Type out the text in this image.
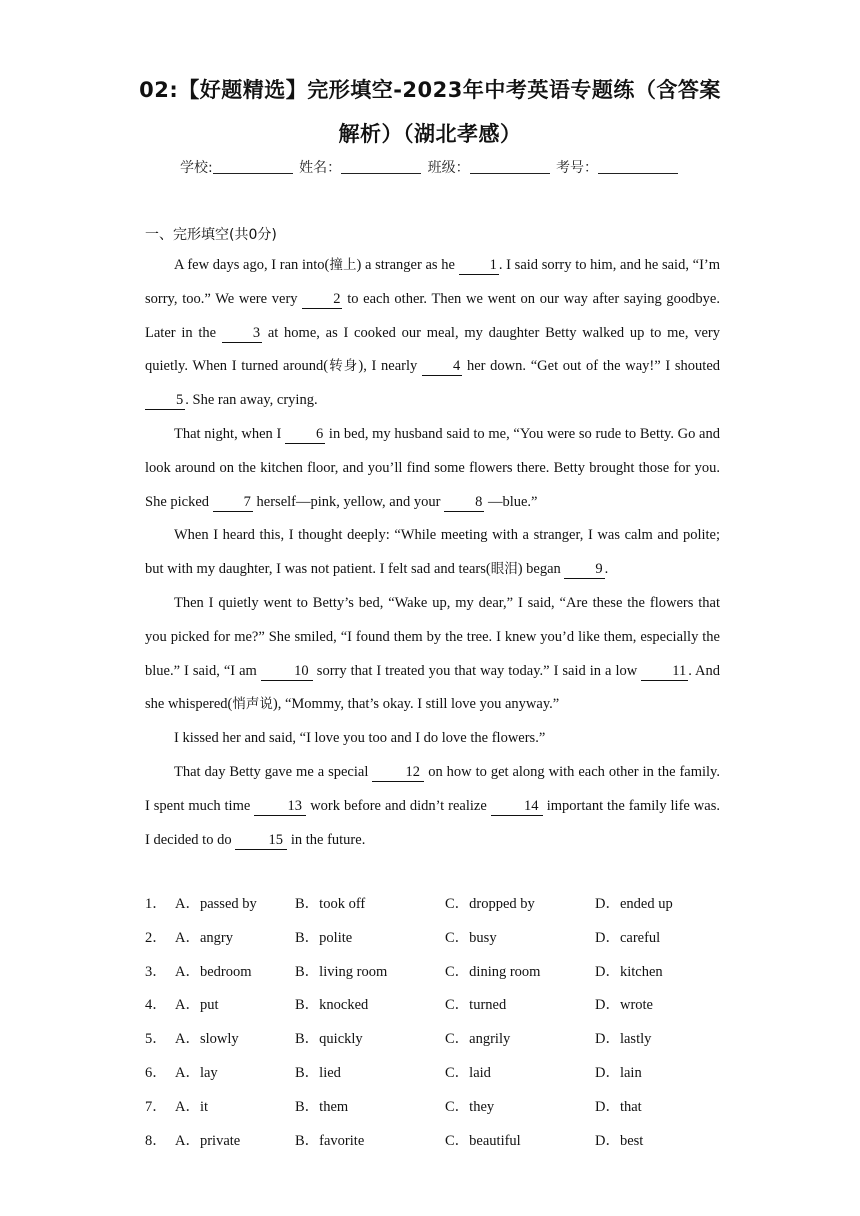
02:【好题精选】完形填空-2023年中考英语专题练（含答案
解析）（湖北孝感）
学校:	姓名：	班级：	考号：
一、完形填空(共0分)

A few days ago, I ran into(撞上) a stranger as he 1 . I said sorry to him, and he said, “I’m sorry, too.” We were very 2 to each other. Then we went on our way after saying goodbye. Later in the 3 at home, as I cooked our meal, my daughter Betty walked up to me, very quietly. When I turned around(转身), I nearly 4 her down. “Get out of the way!” I shouted 5 . She ran away, crying.

That night, when I 6 in bed, my husband said to me, “You were so rude to Betty. Go and look around on the kitchen floor, and you’ll find some flowers there. Betty brought those for you. She picked 7 herself—pink, yellow, and your 8 —blue.”

When I heard this, I thought deeply: “While meeting with a stranger, I was calm and polite; but with my daughter, I was not patient. I felt sad and tears(眼泪) began 9 .

Then I quietly went to Betty’s bed, “Wake up, my dear,” I said, “Are these the flowers that you picked for me?” She smiled, “I found them by the tree. I knew you’d like them, especially the blue.” I said, “I am 10 sorry that I treated you that way today.” I said in a low 11 . And she whispered(悄声说), “Mommy, that’s okay. I still love you anyway.”

I kissed her and said, “I love you too and I do love the flowers.”

That day Betty gave me a special 12 on how to get along with each other in the family. I spent much time 13 work before and didn’t realize 14 important the family life was. I decided to do 15 in the future.

1． A．passed by	B．took off	C．dropped by	D．ended up
2． A．angry	B．polite	C．busy	D．careful
3． A．bedroom	B．living room	C．dining room	D．kitchen
4． A．put	B．knocked	C．turned	D．wrote
5． A．slowly	B．quickly	C．angrily	D．lastly
6． A．lay	B．lied	C．laid	D．lain
7． A．it	B．them	C．they	D．that
8． A．private	B．favorite	C．beautiful	D．best
